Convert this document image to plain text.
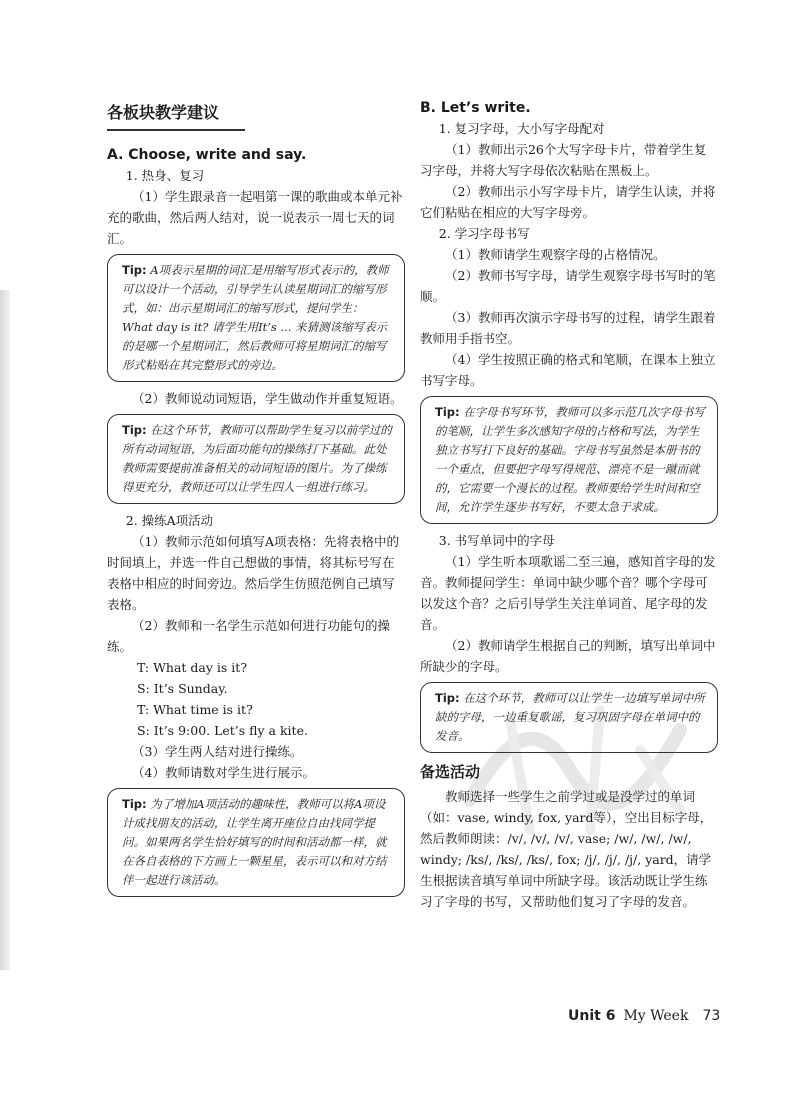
各板块教学建议
A. Choose, write and say.

1. 热身、复习

（1）学生跟录音一起唱第一课的歌曲或本单元补充的歌曲，然后两人结对，说一说表示一周七天的词汇。

Tip: A项表示星期的词汇是用缩写形式表示的，教师可以设计一个活动，引导学生认读星期词汇的缩写形式，如：出示星期词汇的缩写形式，提问学生：What day is it? 请学生用It’s ... 来猜测该缩写表示的是哪一个星期词汇，然后教师可将星期词汇的缩写形式粘贴在其完整形式的旁边。

（2）教师说动词短语，学生做动作并重复短语。

Tip: 在这个环节，教师可以帮助学生复习以前学过的所有动词短语，为后面功能句的操练打下基础。此处教师需要提前准备相关的动词短语的图片。为了操练得更充分，教师还可以让学生四人一组进行练习。

2. 操练A项活动

（1）教师示范如何填写A项表格：先将表格中的时间填上，并选一件自己想做的事情，将其标号写在表格中相应的时间旁边。然后学生仿照范例自己填写表格。

（2）教师和一名学生示范如何进行功能句的操练。

T: What day is it?

S: It’s Sunday.

T: What time is it?

S: It’s 9:00. Let’s fly a kite.

（3）学生两人结对进行操练。

（4）教师请数对学生进行展示。

Tip: 为了增加A项活动的趣味性，教师可以将A项设计成找朋友的活动，让学生离开座位自由找同学提问。如果两名学生恰好填写的时间和活动都一样，就在各自表格的下方画上一颗星星，表示可以和对方结伴一起进行该活动。

B. Let’s write.

1. 复习字母，大小写字母配对

（1）教师出示26个大写字母卡片，带着学生复习字母，并将大写字母依次粘贴在黑板上。

（2）教师出示小写字母卡片，请学生认读，并将它们粘贴在相应的大写字母旁。

2. 学习字母书写

（1）教师请学生观察字母的占格情况。

（2）教师书写字母，请学生观察字母书写时的笔顺。

（3）教师再次演示字母书写的过程，请学生跟着教师用手指书空。

（4）学生按照正确的格式和笔顺，在课本上独立书写字母。

Tip: 在字母书写环节，教师可以多示范几次字母书写的笔顺，让学生多次感知字母的占格和写法，为学生独立书写打下良好的基础。字母书写虽然是本册书的一个重点，但要把字母写得规范、漂亮不是一蹴而就的，它需要一个漫长的过程。教师要给学生时间和空间，允许学生逐步书写好，不要太急于求成。

3. 书写单词中的字母

（1）学生听本项歌谣二至三遍，感知首字母的发音。教师提问学生：单词中缺少哪个音？哪个字母可以发这个音？之后引导学生关注单词首、尾字母的发音。

（2）教师请学生根据自己的判断，填写出单词中所缺少的字母。

Tip: 在这个环节，教师可以让学生一边填写单词中所缺的字母，一边重复歌谣，复习巩固字母在单词中的发音。

备选活动

教师选择一些学生之前学过或是没学过的单词（如：vase, windy, fox, yard等），空出目标字母，然后教师朗读：/v/, /v/, /v/, vase; /w/, /w/, /w/, windy; /ks/, /ks/, /ks/, fox; /j/, /j/, /j/, yard，请学生根据读音填写单词中所缺字母。该活动既让学生练习了字母的书写，又帮助他们复习了字母的发音。

Unit 6 My Week 73
